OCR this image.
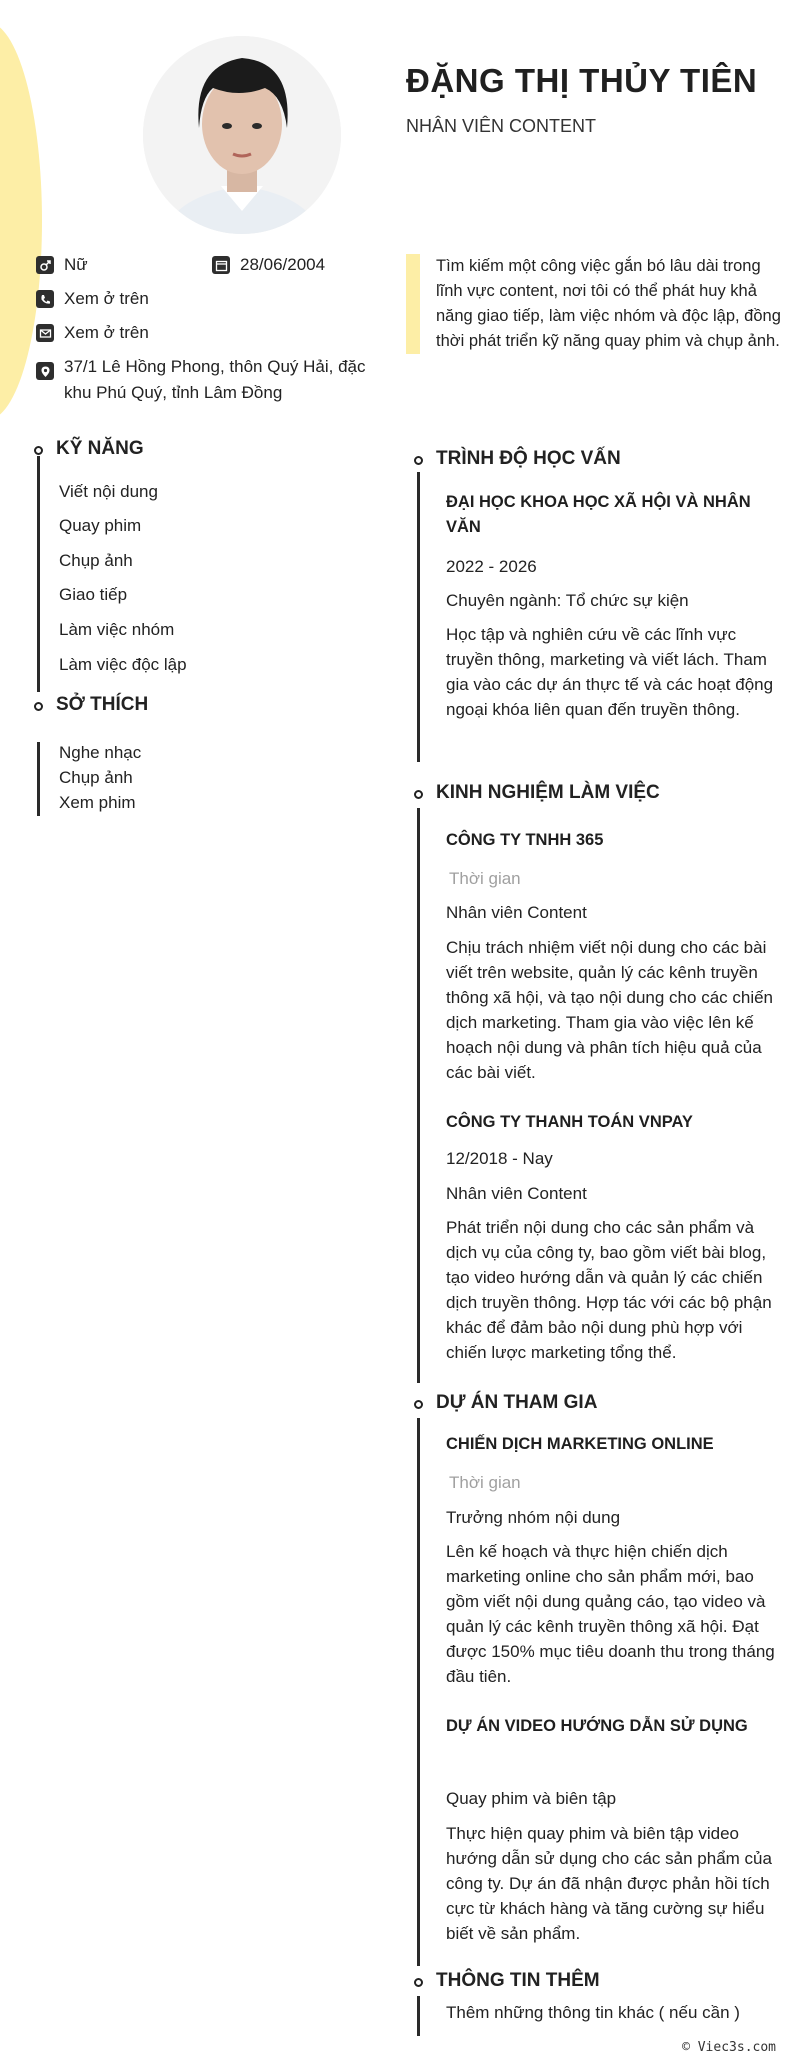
ĐẶNG THỊ THỦY TIÊN
NHÂN VIÊN CONTENT
Nữ	28/06/2004
Xem ở trên
Xem ở trên
37/1 Lê Hồng Phong, thôn Quý Hải, đặc khu Phú Quý, tỉnh Lâm Đồng
Tìm kiếm một công việc gắn bó lâu dài trong lĩnh vực content, nơi tôi có thể phát huy khả năng giao tiếp, làm việc nhóm và độc lập, đồng thời phát triển kỹ năng quay phim và chụp ảnh.
KỸ NĂNG
Viết nội dung
Quay phim
Chụp ảnh
Giao tiếp
Làm việc nhóm
Làm việc độc lập
SỞ THÍCH
Nghe nhạc
Chụp ảnh
Xem phim
TRÌNH ĐỘ HỌC VẤN
ĐẠI HỌC KHOA HỌC XÃ HỘI VÀ NHÂN VĂN
2022 - 2026
Chuyên ngành: Tổ chức sự kiện
Học tập và nghiên cứu về các lĩnh vực truyền thông, marketing và viết lách. Tham gia vào các dự án thực tế và các hoạt động ngoại khóa liên quan đến truyền thông.
KINH NGHIỆM LÀM VIỆC
CÔNG TY TNHH 365
Thời gian
Nhân viên Content
Chịu trách nhiệm viết nội dung cho các bài viết trên website, quản lý các kênh truyền thông xã hội, và tạo nội dung cho các chiến dịch marketing. Tham gia vào việc lên kế hoạch nội dung và phân tích hiệu quả của các bài viết.
CÔNG TY THANH TOÁN VNPAY
12/2018 - Nay
Nhân viên Content
Phát triển nội dung cho các sản phẩm và dịch vụ của công ty, bao gồm viết bài blog, tạo video hướng dẫn và quản lý các chiến dịch truyền thông. Hợp tác với các bộ phận khác để đảm bảo nội dung phù hợp với chiến lược marketing tổng thể.
DỰ ÁN THAM GIA
CHIẾN DỊCH MARKETING ONLINE
Thời gian
Trưởng nhóm nội dung
Lên kế hoạch và thực hiện chiến dịch marketing online cho sản phẩm mới, bao gồm viết nội dung quảng cáo, tạo video và quản lý các kênh truyền thông xã hội. Đạt được 150% mục tiêu doanh thu trong tháng đầu tiên.
DỰ ÁN VIDEO HƯỚNG DẪN SỬ DỤNG
Quay phim và biên tập
Thực hiện quay phim và biên tập video hướng dẫn sử dụng cho các sản phẩm của công ty. Dự án đã nhận được phản hồi tích cực từ khách hàng và tăng cường sự hiểu biết về sản phẩm.
THÔNG TIN THÊM
Thêm những thông tin khác ( nếu cần )
© Viec3s.com
